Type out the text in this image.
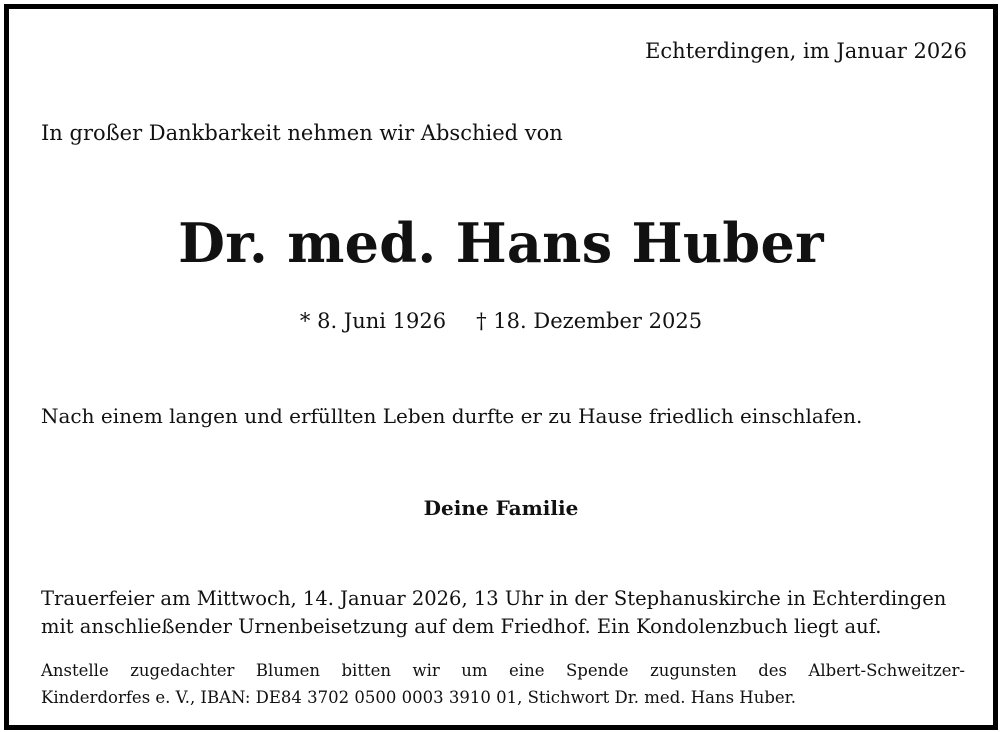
Echterdingen, im Januar 2026
In großer Dankbarkeit nehmen wir Abschied von
Dr. med. Hans Huber
* 8. Juni 1926 † 18. Dezember 2025
Nach einem langen und erfüllten Leben durfte er zu Hause friedlich einschlafen.
Deine Familie
Trauerfeier am Mittwoch, 14. Januar 2026, 13 Uhr in der Stephanuskirche in Echterdingen
mit anschließender Urnenbeisetzung auf dem Friedhof. Ein Kondolenzbuch liegt auf.
Anstelle zugedachter Blumen bitten wir um eine Spende zugunsten des Albert-Schweitzer-
Kinderdorfes e. V., IBAN: DE84 3702 0500 0003 3910 01, Stichwort Dr. med. Hans Huber.
